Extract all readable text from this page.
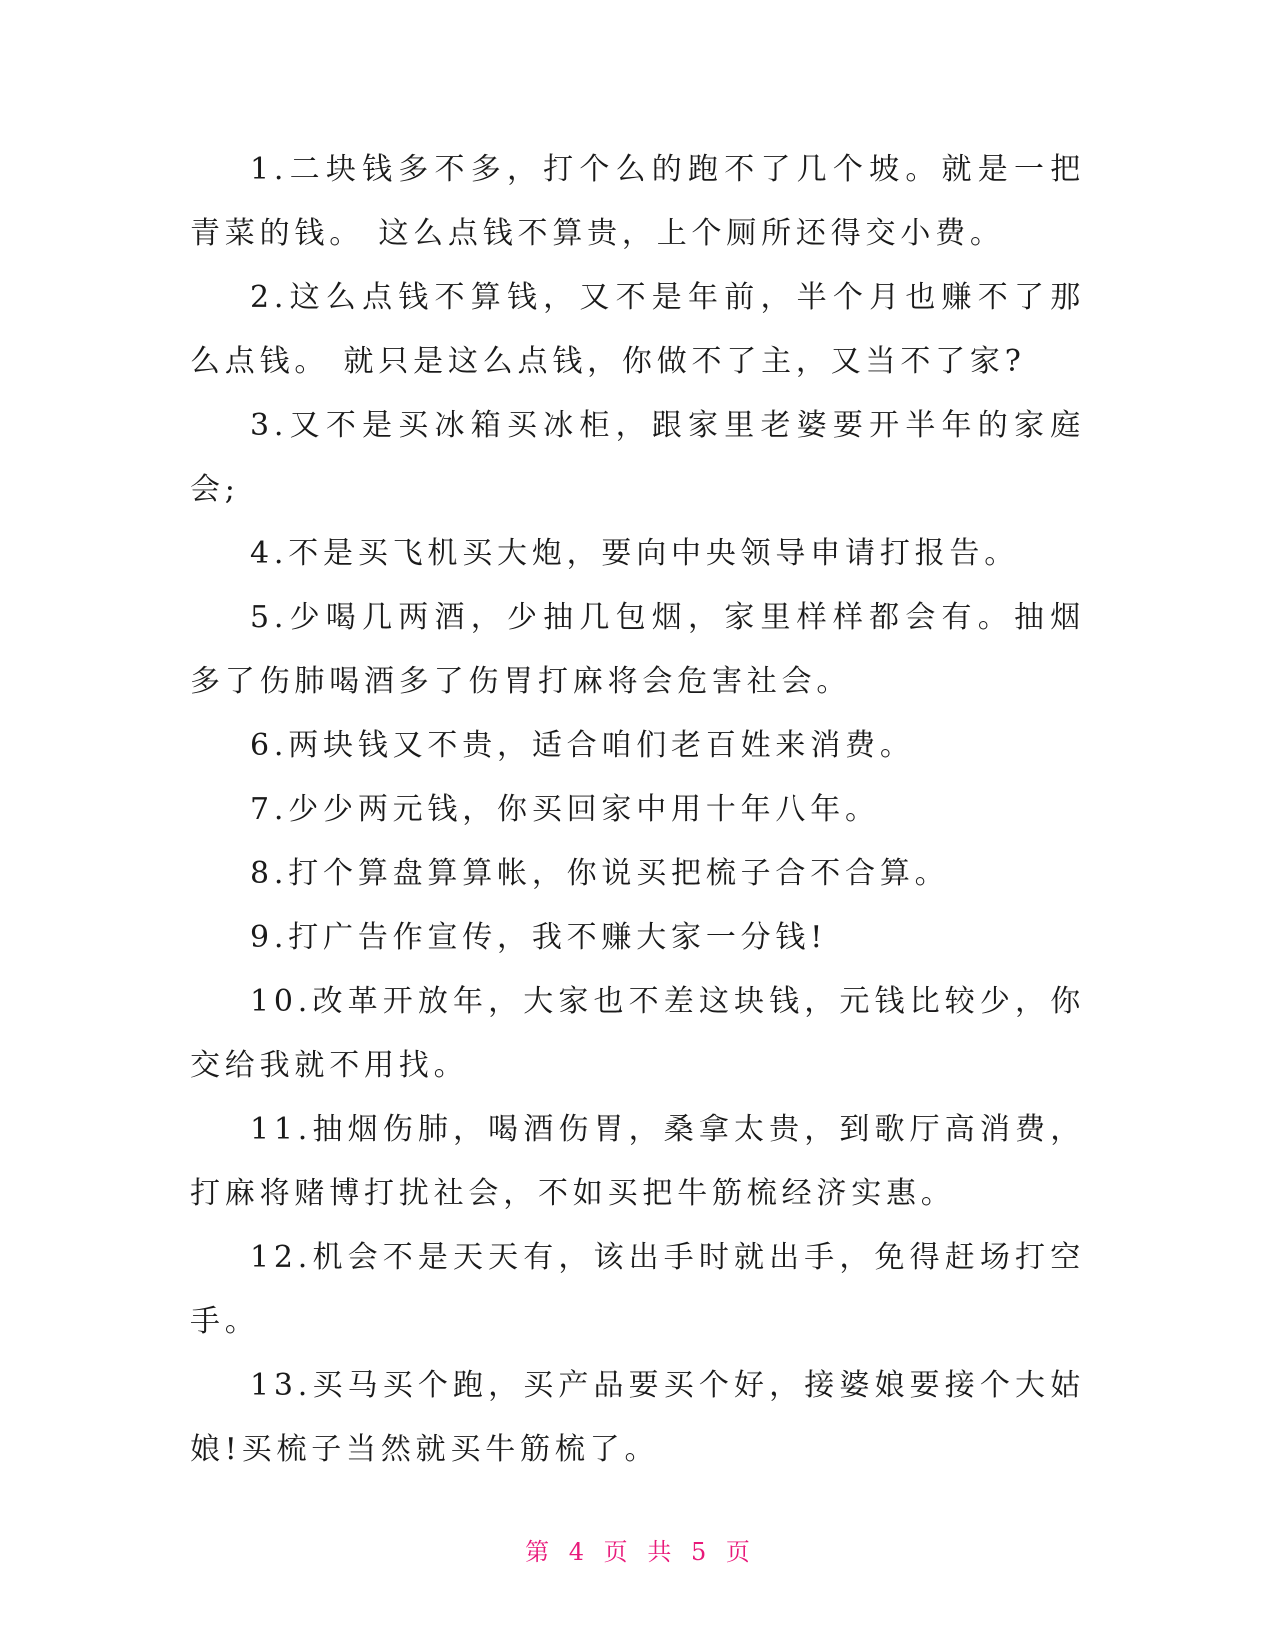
1.二块钱多不多，打个么的跑不了几个坡。就是一把青菜的钱。 这么点钱不算贵，上个厕所还得交小费。

2.这么点钱不算钱，又不是年前，半个月也赚不了那么点钱。 就只是这么点钱，你做不了主，又当不了家?

3.又不是买冰箱买冰柜，跟家里老婆要开半年的家庭会;

4.不是买飞机买大炮，要向中央领导申请打报告。

5.少喝几两酒，少抽几包烟，家里样样都会有。抽烟多了伤肺喝酒多了伤胃打麻将会危害社会。

6.两块钱又不贵，适合咱们老百姓来消费。

7.少少两元钱，你买回家中用十年八年。

8.打个算盘算算帐，你说买把梳子合不合算。

9.打广告作宣传，我不赚大家一分钱!

10.改革开放年，大家也不差这块钱，元钱比较少，你交给我就不用找。

11.抽烟伤肺，喝酒伤胃，桑拿太贵，到歌厅高消费，打麻将赌博打扰社会，不如买把牛筋梳经济实惠。

12.机会不是天天有，该出手时就出手，免得赶场打空手。

13.买马买个跑，买产品要买个好，接婆娘要接个大姑娘!买梳子当然就买牛筋梳了。

第 4 页 共 5 页
